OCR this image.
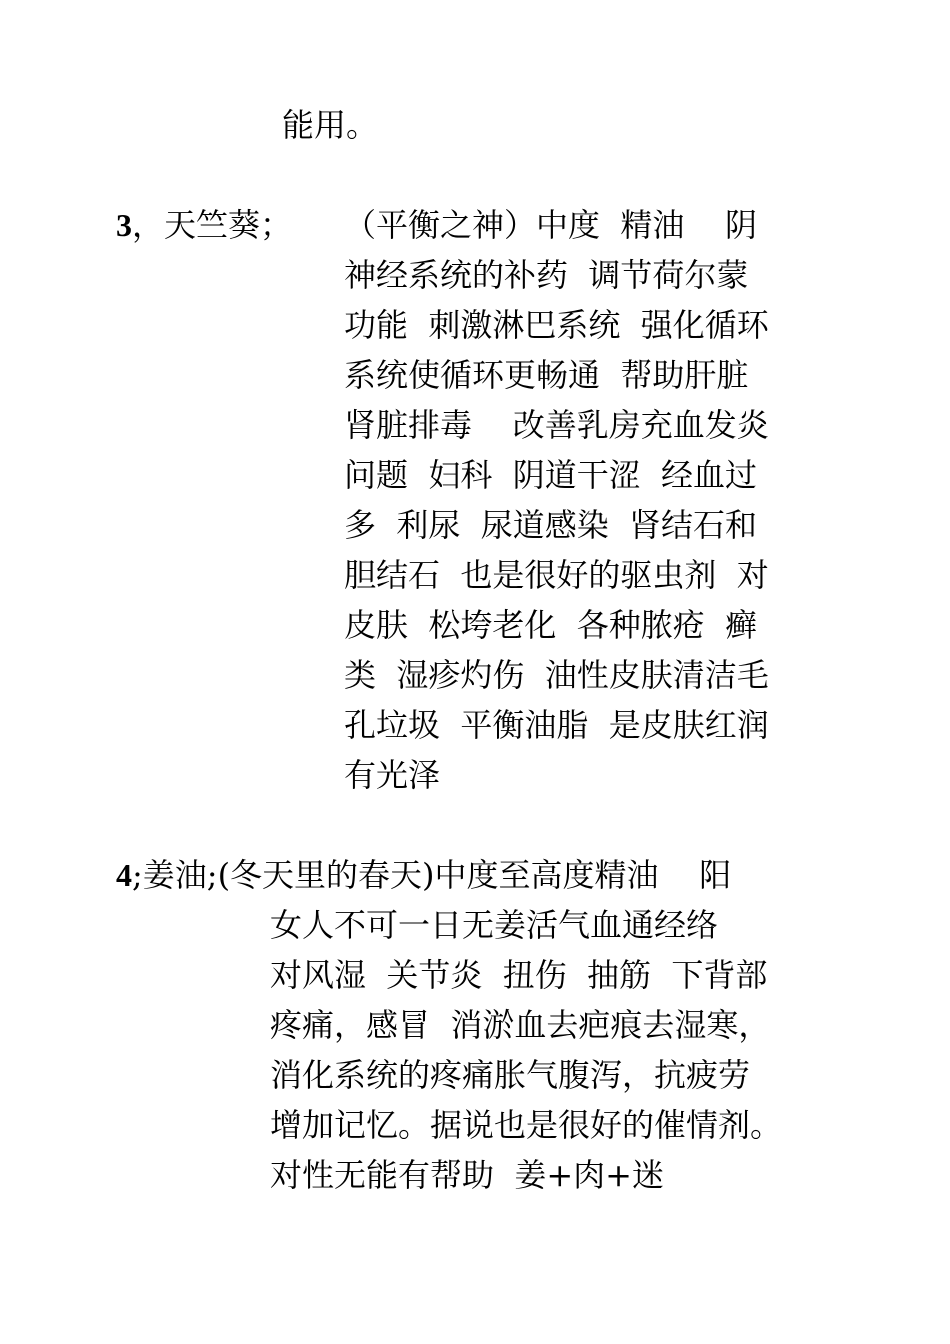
能用。

3，天竺葵； （平衡之神）中度  精油    阴

神经系统的补药  调节荷尔蒙

功能  刺激淋巴系统  强化循环

系统使循环更畅通  帮助肝脏

肾脏排毒    改善乳房充血发炎

问题  妇科  阴道干涩  经血过

多  利尿  尿道感染  肾结石和

胆结石  也是很好的驱虫剂  对

皮肤  松垮老化  各种脓疮  癣

类  湿疹灼伤  油性皮肤清洁毛

孔垃圾  平衡油脂  是皮肤红润

有光泽

4;姜油;(冬天里的春天)中度至高度精油    阳

女人不可一日无姜活气血通经络

对风湿  关节炎  扭伤  抽筋  下背部

疼痛，感冒  消淤血去疤痕去湿寒，

消化系统的疼痛胀气腹泻，抗疲劳

增加记忆。据说也是很好的催情剂。

对性无能有帮助  姜+肉+迷
